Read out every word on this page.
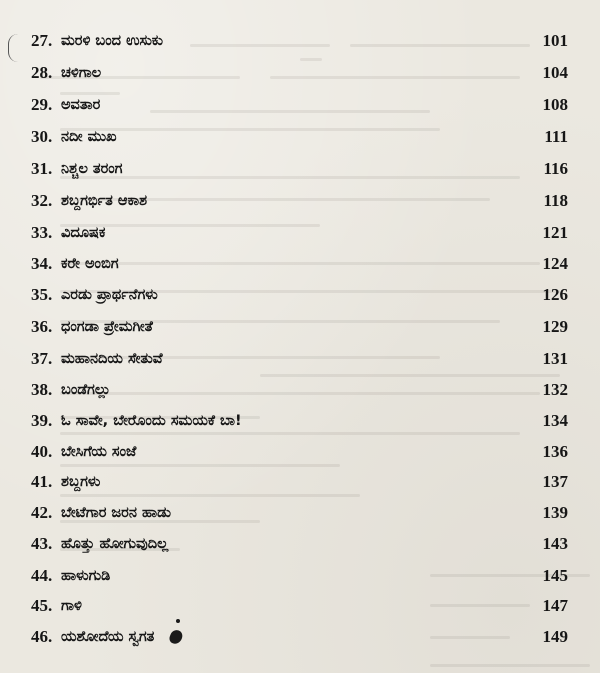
27. ಮರಳಿ ಬಂದ ಉಸುಕು	101
28. ಚಳಿಗಾಲ	104
29. ಅವತಾರ	108
30. ನದೀ ಮುಖ	111
31. ನಿಶ್ಚಲ ತರಂಗ	116
32. ಶಬ್ದಗರ್ಭಿತ ಆಕಾಶ	118
33. ವಿದೂಷಕ	121
34. ಕರೇ ಅಂಬಿಗ	124
35. ಎರಡು ಪ್ರಾರ್ಥನೆಗಳು	126
36. ಧಂಗಡಾ ಪ್ರೇಮಗೀತೆ	129
37. ಮಹಾನದಿಯ ಸೇತುವೆ	131
38. ಬಂಡೆಗಲ್ಲು	132
39. ಓ ಸಾವೇ, ಬೇರೊಂದು ಸಮಯಕೆ ಬಾ!	134
40. ಬೇಸಿಗೆಯ ಸಂಜೆ	136
41. ಶಬ್ದಗಳು	137
42. ಬೇಟೆಗಾರ ಜರನ ಹಾಡು	139
43. ಹೊತ್ತು ಹೋಗುವುದಿಲ್ಲ	143
44. ಹಾಳುಗುಡಿ	145
45. ಗಾಳಿ	147
46. ಯಶೋದೆಯ ಸ್ವಗತ	149
